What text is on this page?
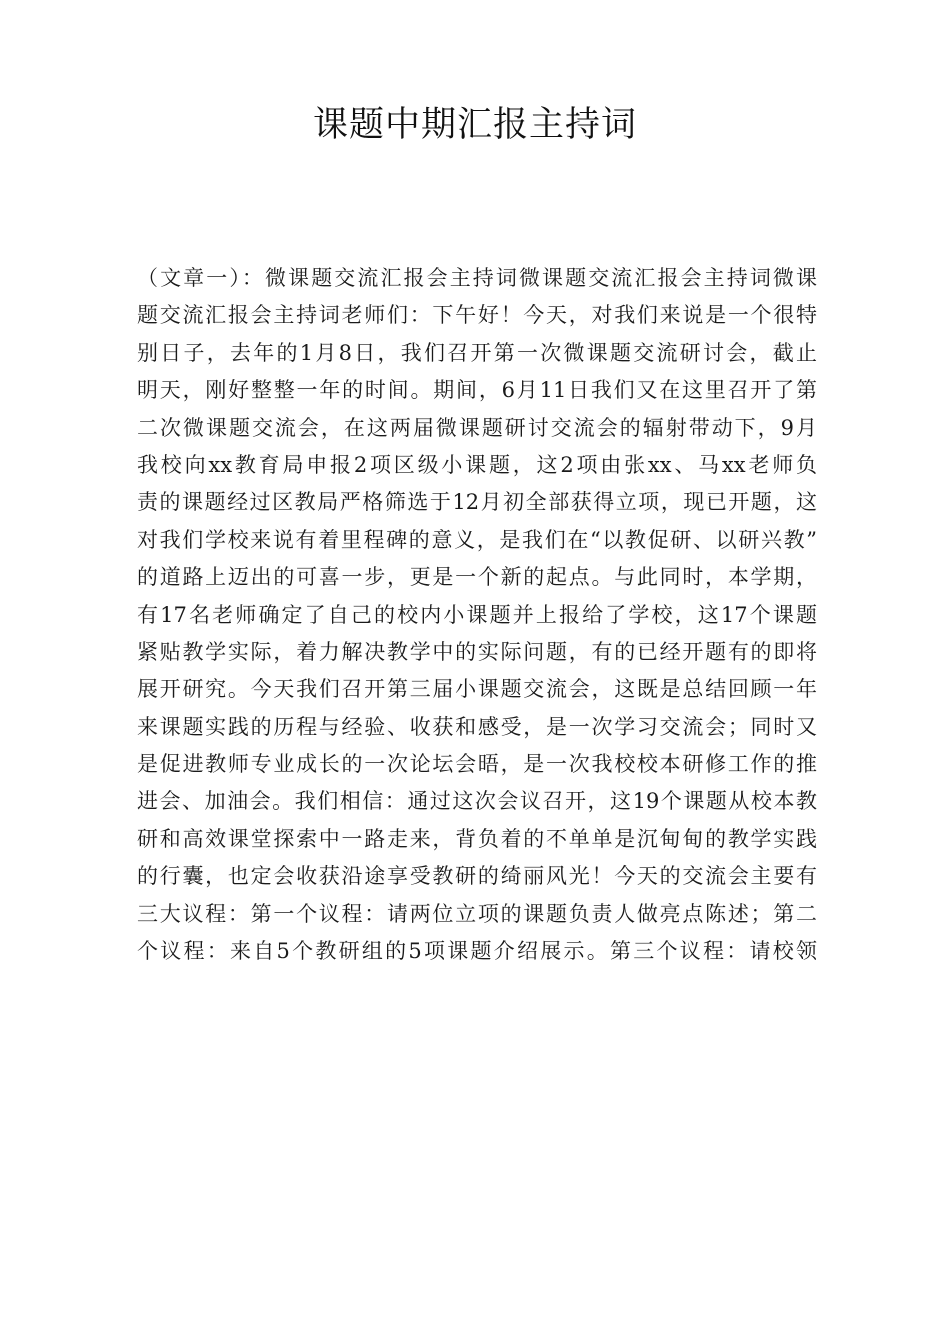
课题中期汇报主持词
（文章一）：微课题交流汇报会主持词微课题交流汇报会主持词微课
题交流汇报会主持词老师们：下午好！今天，对我们来说是一个很特
别日子，去年的1月8日，我们召开第一次微课题交流研讨会，截止
明天，刚好整整一年的时间。期间，6月11日我们又在这里召开了第
二次微课题交流会，在这两届微课题研讨交流会的辐射带动下，9月
我校向xx教育局申报2项区级小课题，这2项由张xx、马xx老师负
责的课题经过区教局严格筛选于12月初全部获得立项，现已开题，这
对我们学校来说有着里程碑的意义，是我们在“以教促研、以研兴教”
的道路上迈出的可喜一步，更是一个新的起点。与此同时，本学期，
有17名老师确定了自己的校内小课题并上报给了学校，这17个课题
紧贴教学实际，着力解决教学中的实际问题，有的已经开题有的即将
展开研究。今天我们召开第三届小课题交流会，这既是总结回顾一年
来课题实践的历程与经验、收获和感受，是一次学习交流会；同时又
是促进教师专业成长的一次论坛会晤，是一次我校校本研修工作的推
进会、加油会。我们相信：通过这次会议召开，这19个课题从校本教
研和高效课堂探索中一路走来，背负着的不单单是沉甸甸的教学实践
的行囊，也定会收获沿途享受教研的绮丽风光！今天的交流会主要有
三大议程：第一个议程：请两位立项的课题负责人做亮点陈述；第二
个议程：来自5个教研组的5项课题介绍展示。第三个议程：请校领
